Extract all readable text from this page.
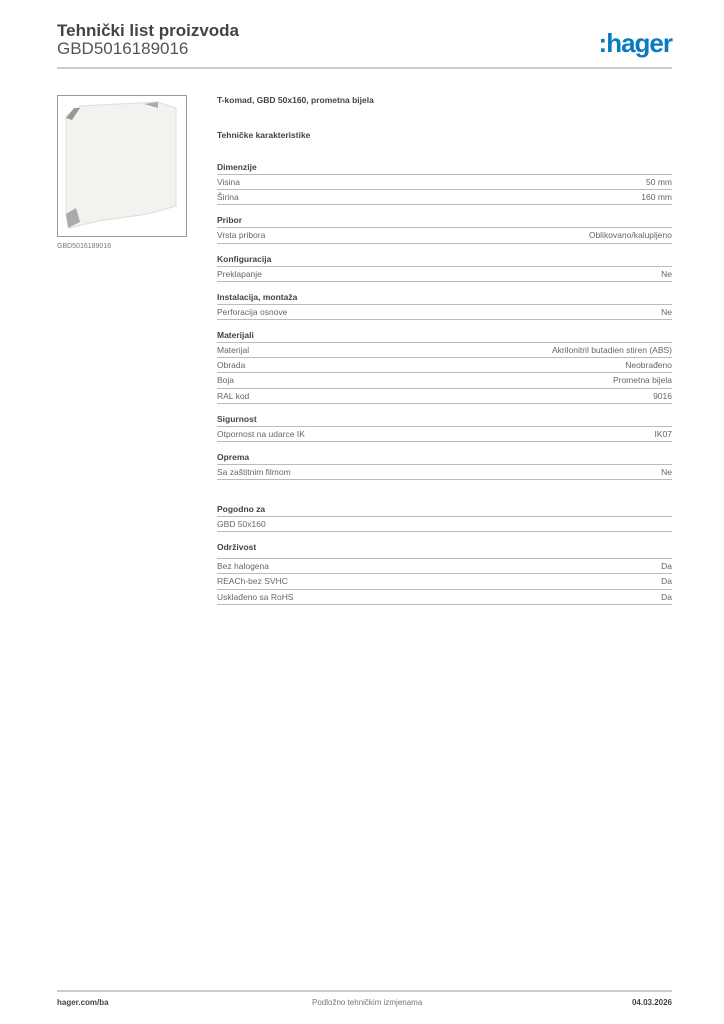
Tehnički list proizvoda
GBD5016189016	:hager
GBD5016189016
T-komad, GBD 50x160, prometna bijela
Tehničke karakteristike
Dimenzije
Visina	50 mm
Širina	160 mm
Pribor
Vrsta pribora	Oblikovano/kalupljeno
Konfiguracija
Preklapanje	Ne
Instalacija, montaža
Perforacija osnove	Ne
Materijali
Materijal	Akrilonitril butadien stiren (ABS)
Obrada	Neobrađeno
Boja	Prometna bijela
RAL kod	9016
Sigurnost
Otpornost na udarce IK	IK07
Oprema
Sa zaštitnim filmom	Ne
Pogodno za
GBD 50x160
Održivost
Bez halogena	Da
REACh-bez SVHC	Da
Usklađeno sa RoHS	Da
hager.com/ba	Podložno tehničkim izmjenama	04.03.2026
